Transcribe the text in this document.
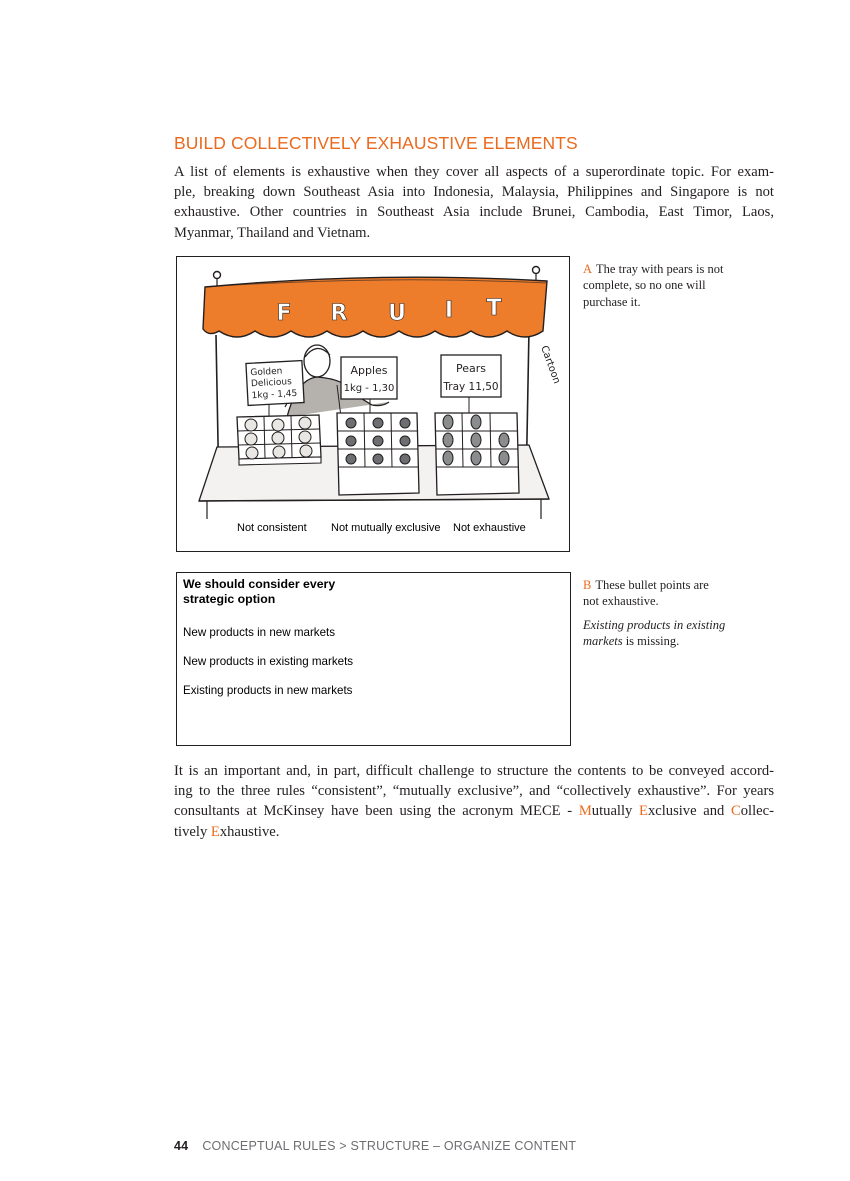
BUILD COLLECTIVELY EXHAUSTIVE ELEMENTS
A list of elements is exhaustive when they cover all aspects of a superordinate topic. For exam-
ple, breaking down Southeast Asia into Indonesia, Malaysia, Philippines and Singapore is not
exhaustive. Other countries in Southeast Asia include Brunei, Cambodia, East Timor, Laos,
Myanmar, Thailand and Vietnam.
F R U I T
Cartoon
Golden
Delicious
1kg - 1,45
Apples
1kg - 1,30
Pears
Tray 11,50
Not consistent Not mutually exclusive Not exhaustive
A The tray with pears is not
complete, so no one will
purchase it.
We should consider every
strategic option
New products in new markets
New products in existing markets
Existing products in new markets
B These bullet points are
not exhaustive.
Existing products in existing
markets is missing.
It is an important and, in part, difficult challenge to structure the contents to be conveyed accord-
ing to the three rules “consistent”, “mutually exclusive”, and “collectively exhaustive”. For years
consultants at McKinsey have been using the acronym MECE - Mutually Exclusive and Collec-
tively Exhaustive.
44 CONCEPTUAL RULES > STRUCTURE – ORGANIZE CONTENT
